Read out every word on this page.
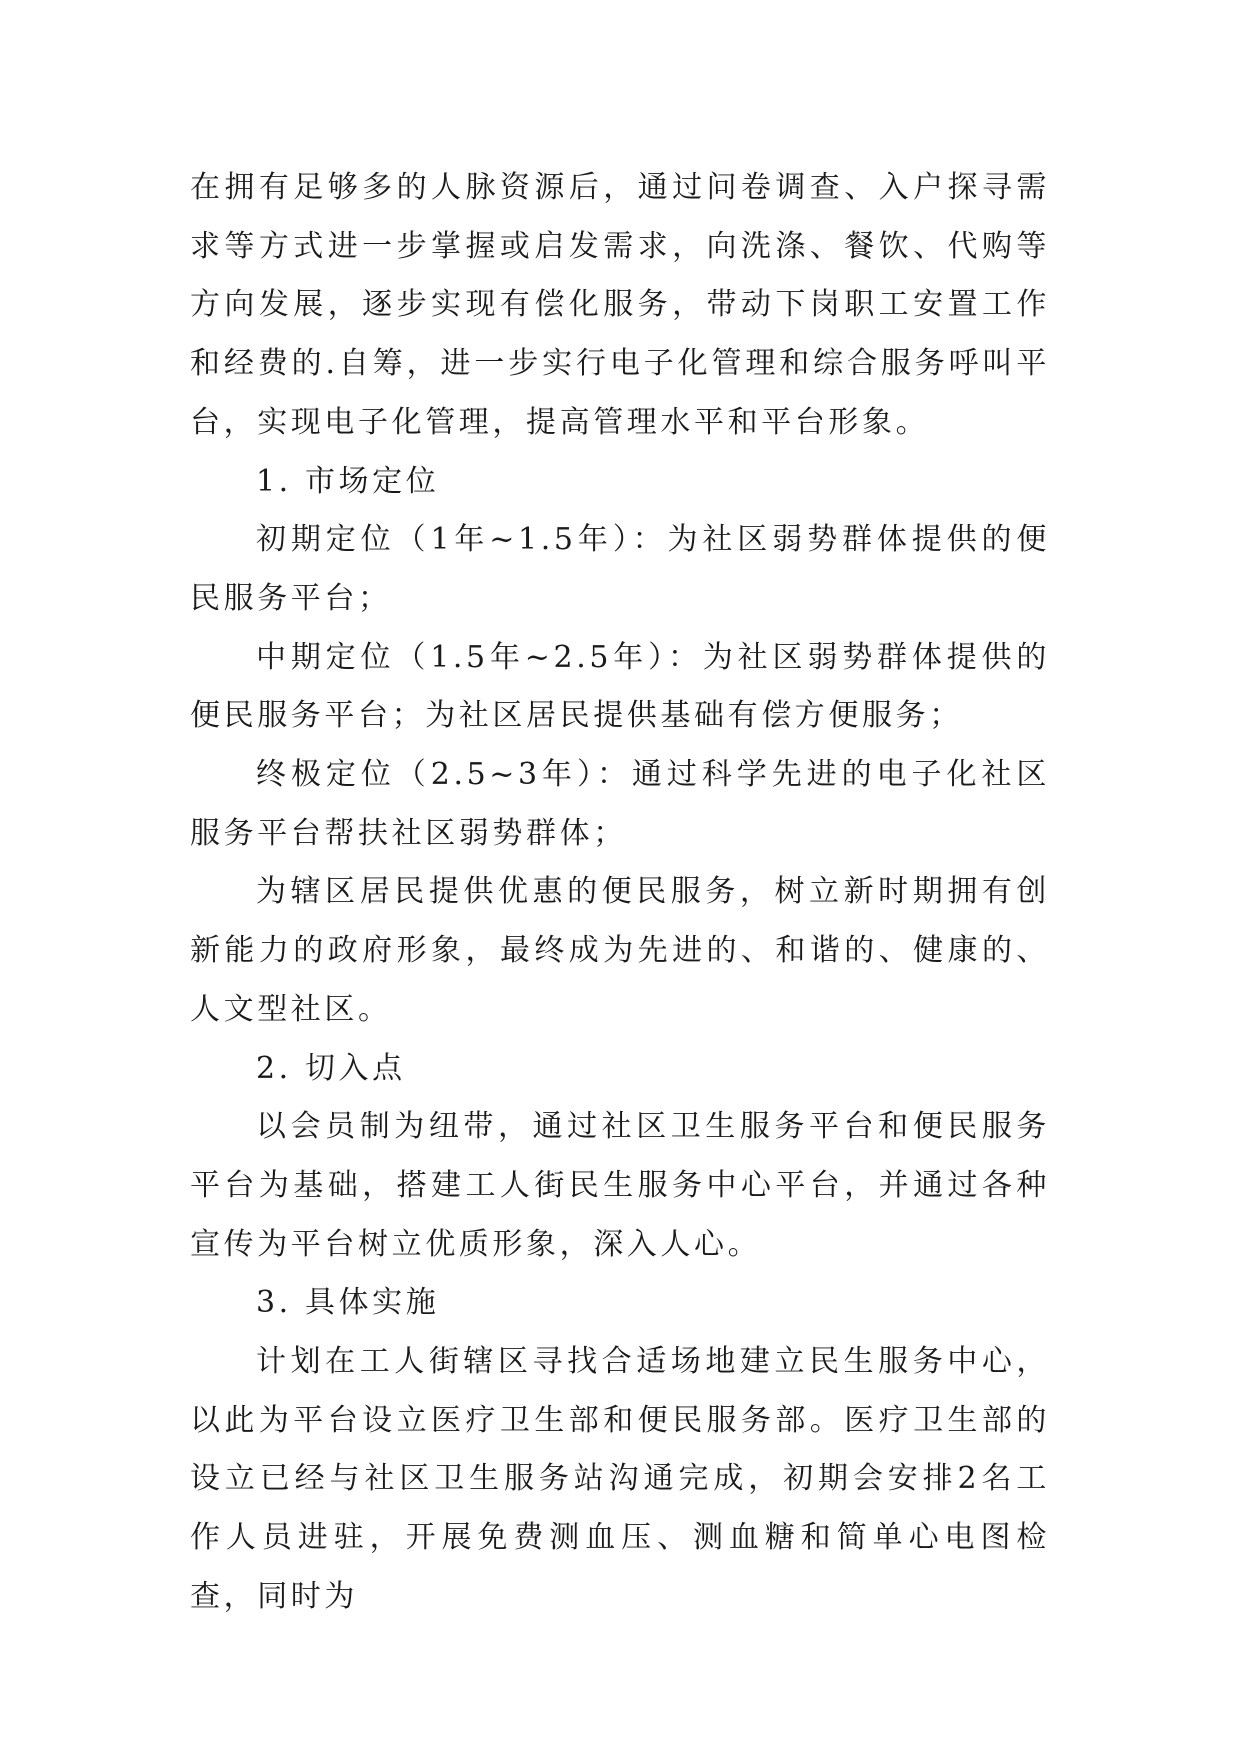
在拥有足够多的人脉资源后，通过问卷调查、入户探寻需求等方式进一步掌握或启发需求，向洗涤、餐饮、代购等方向发展，逐步实现有偿化服务，带动下岗职工安置工作和经费的.自筹，进一步实行电子化管理和综合服务呼叫平台，实现电子化管理，提高管理水平和平台形象。

1. 市场定位

初期定位（1年~1.5年）：为社区弱势群体提供的便民服务平台；

中期定位（1.5年~2.5年）：为社区弱势群体提供的便民服务平台；为社区居民提供基础有偿方便服务；

终极定位（2.5~3年）：通过科学先进的电子化社区服务平台帮扶社区弱势群体；

为辖区居民提供优惠的便民服务，树立新时期拥有创新能力的政府形象，最终成为先进的、和谐的、健康的、人文型社区。

2. 切入点

以会员制为纽带，通过社区卫生服务平台和便民服务平台为基础，搭建工人街民生服务中心平台，并通过各种宣传为平台树立优质形象，深入人心。

3. 具体实施

计划在工人街辖区寻找合适场地建立民生服务中心，以此为平台设立医疗卫生部和便民服务部。医疗卫生部的设立已经与社区卫生服务站沟通完成，初期会安排2名工作人员进驻，开展免费测血压、测血糖和简单心电图检查，同时为
